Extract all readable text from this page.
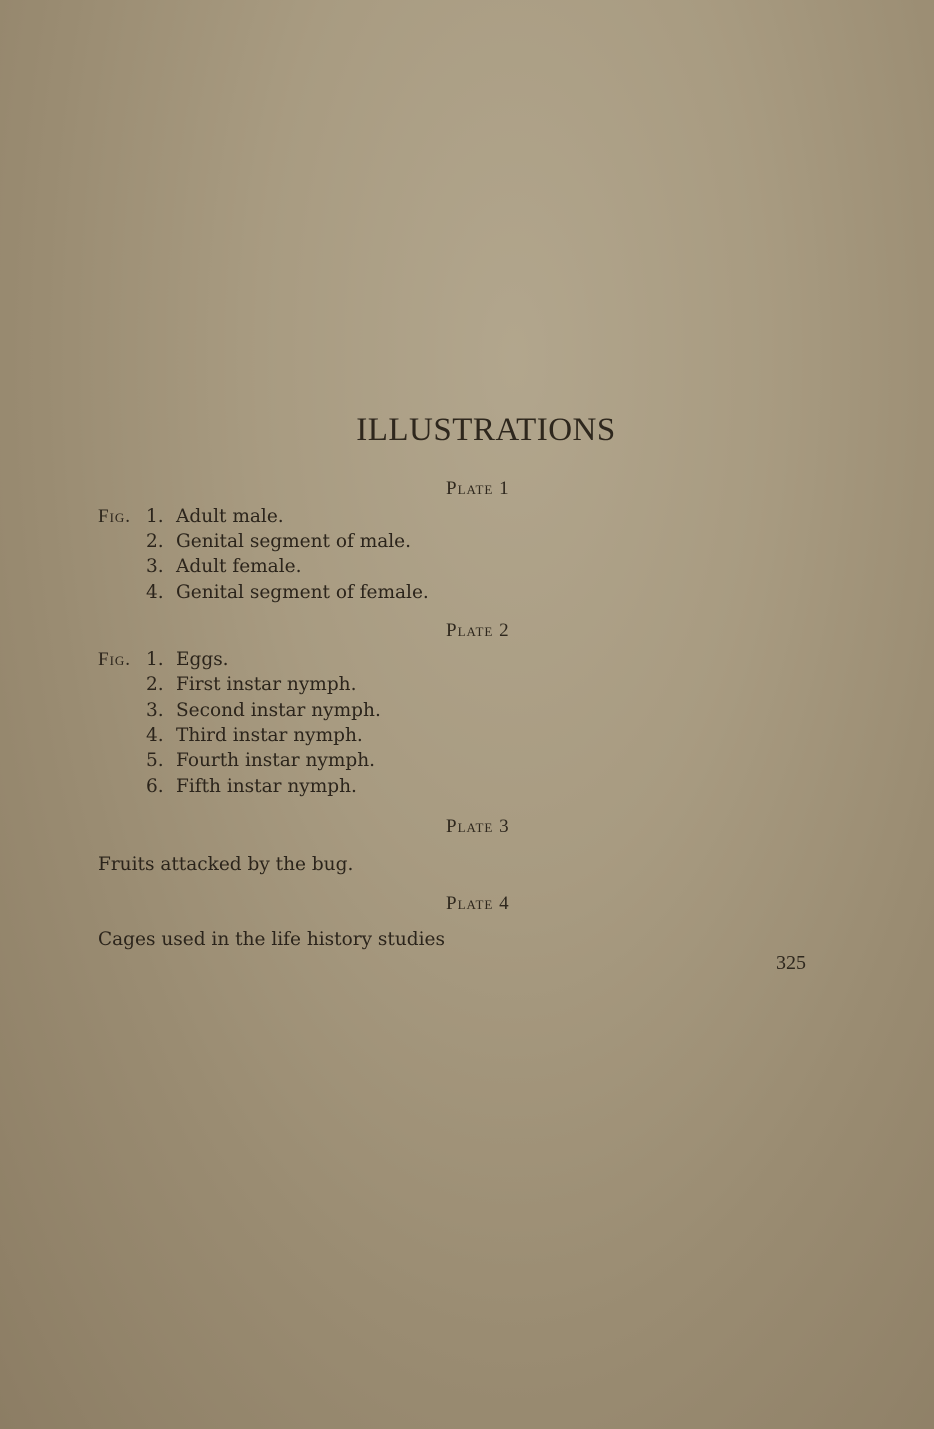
ILLUSTRATIONS
Plate 1
Fig. 1. Adult male.
2. Genital segment of male.
3. Adult female.
4. Genital segment of female.
Plate 2
Fig. 1. Eggs.
2. First instar nymph.
3. Second instar nymph.
4. Third instar nymph.
5. Fourth instar nymph.
6. Fifth instar nymph.
Plate 3
Fruits attacked by the bug.
Plate 4
Cages used in the life history studies
325
